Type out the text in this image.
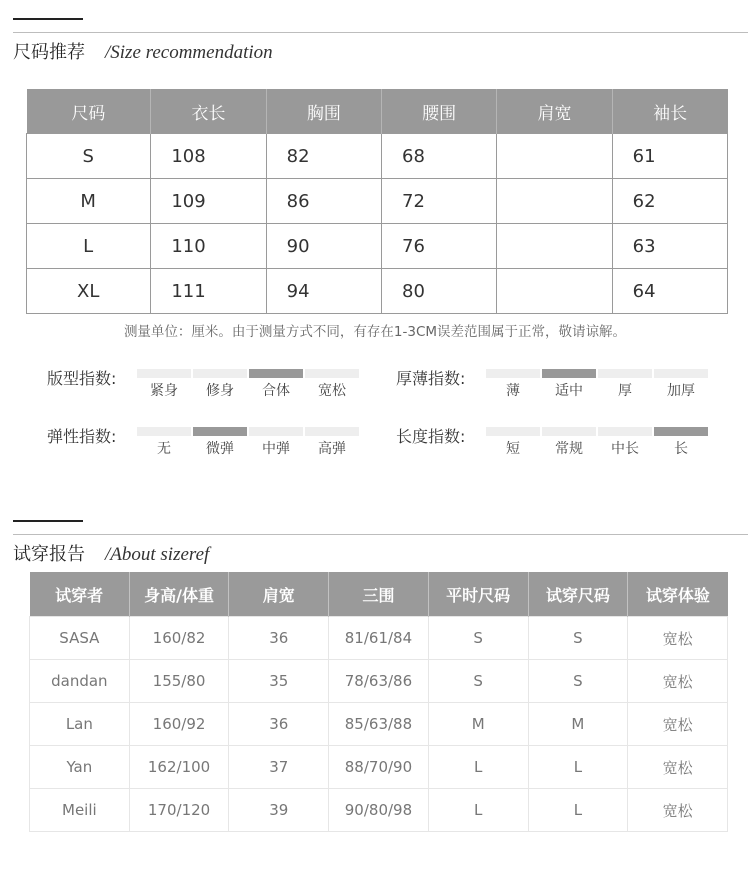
尺码推荐 /Size recommendation
尺码	衣长	胸围	腰围	肩宽	袖长
S	108	82	68		61
M	109	86	72		62
L	110	90	76		63
XL	111	94	80		64
测量单位：厘米。由于测量方式不同，有存在1-3CM误差范围属于正常，敬请谅解。
版型指数:
紧身	修身	合体	宽松
厚薄指数:
薄	适中	厚	加厚
弹性指数:
无	微弹	中弹	高弹
长度指数:
短	常规	中长	长
试穿报告 /About sizeref
试穿者	身高/体重	肩宽	三围	平时尺码	试穿尺码	试穿体验
SASA	160/82	36	81/61/84	S	S	宽松
dandan	155/80	35	78/63/86	S	S	宽松
Lan	160/92	36	85/63/88	M	M	宽松
Yan	162/100	37	88/70/90	L	L	宽松
Meili	170/120	39	90/80/98	L	L	宽松
